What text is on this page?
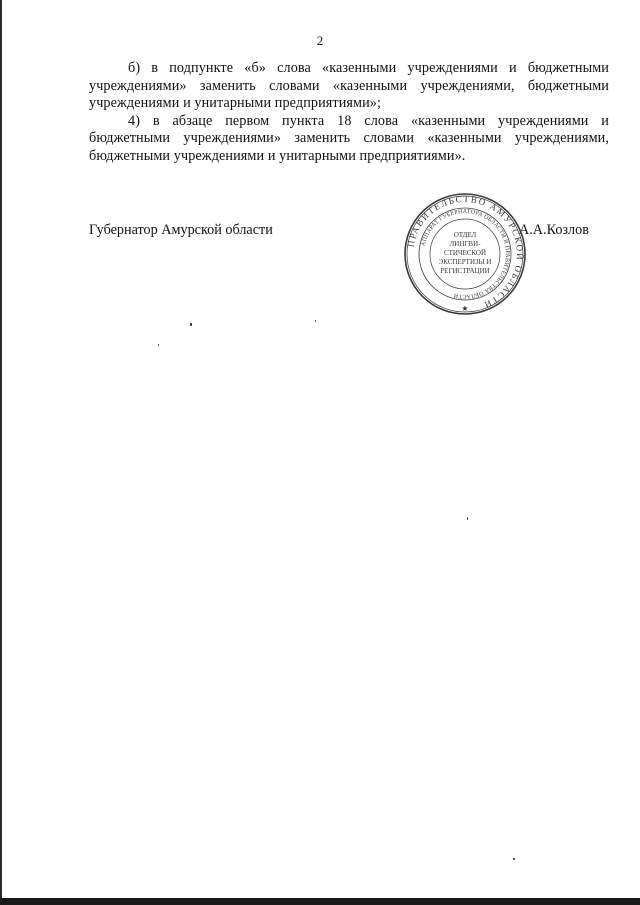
2

б) в подпункте «б» слова «казенными учреждениями и бюджетными учреждениями» заменить словами «казенными учреждениями, бюджетными учреждениями и унитарными предприятиями»;

4) в абзаце первом пункта 18 слова «казенными учреждениями и бюджетными учреждениями» заменить словами «казенными учреждениями, бюджетными учреждениями и унитарными предприятиями».

Губернатор Амурской области	А.А.Козлов
ПРАВИТЕЛЬСТВО АМУРСКОЙ ОБЛАСТИ
АППАРАТ ГУБЕРНАТОРА ОБЛАСТИ И ПРАВИТЕЛЬСТВА ОБЛАСТИ
ОТДЕЛ
ЛИНГВИ-
СТИЧЕСКОЙ
ЭКСПЕРТИЗЫ И
РЕГИСТРАЦИИ
★
